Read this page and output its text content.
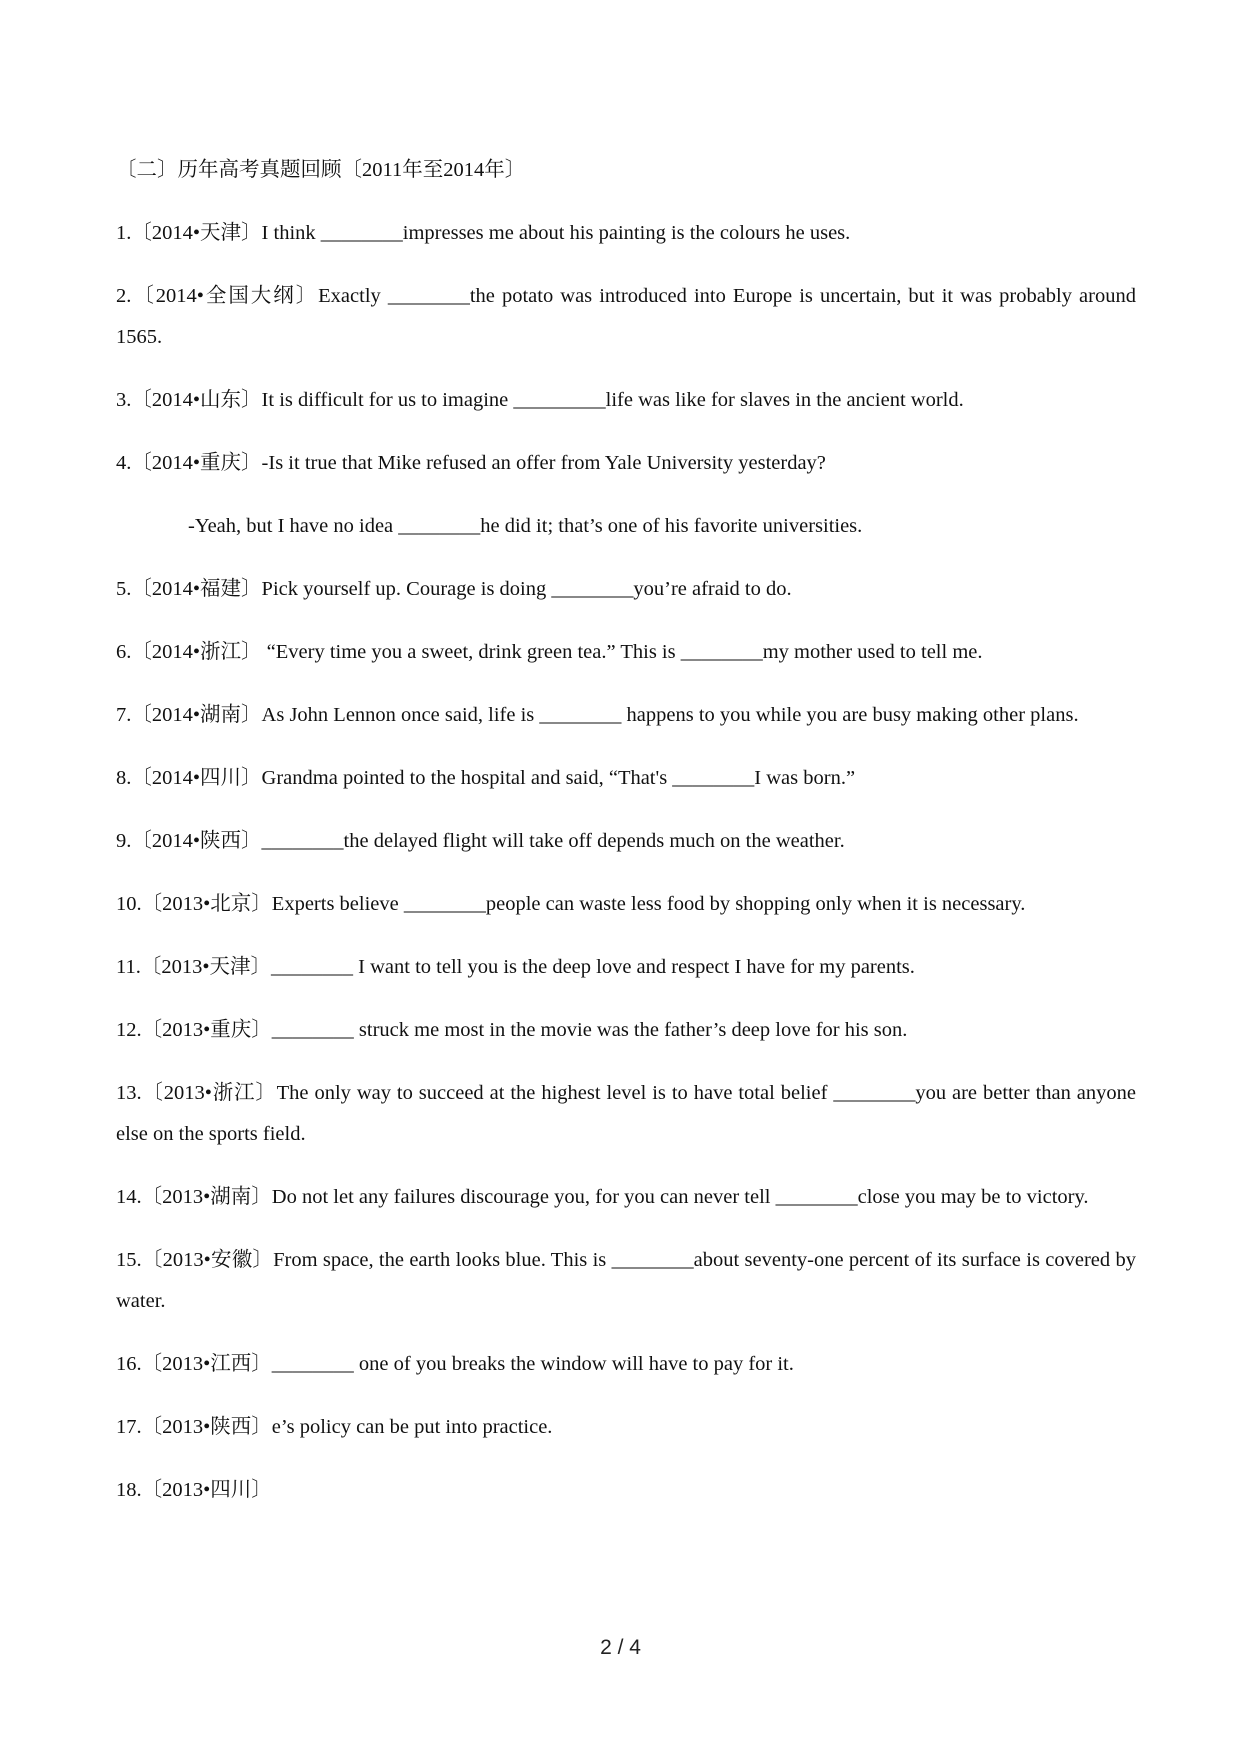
〔二〕历年高考真题回顾〔2011年至2014年〕
1.〔2014•天津〕I think ________impresses me about his painting is the colours he uses.
2.〔2014•全国大纲〕Exactly ________the potato was introduced into Europe is uncertain, but it was probably around 1565.
3.〔2014•山东〕It is difficult for us to imagine _________life was like for slaves in the ancient world.
4.〔2014•重庆〕-Is it true that Mike refused an offer from Yale University yesterday?
-Yeah, but I have no idea ________he did it; that’s one of his favorite universities.
5.〔2014•福建〕Pick yourself up. Courage is doing ________you’re afraid to do.
6.〔2014•浙江〕 “Every time you a sweet, drink green tea.” This is ________my mother used to tell me.
7.〔2014•湖南〕As John Lennon once said, life is ________ happens to you while you are busy making other plans.
8.〔2014•四川〕Grandma pointed to the hospital and said, “That's ________I was born.”
9.〔2014•陕西〕________the delayed flight will take off depends much on the weather.
10.〔2013•北京〕Experts believe ________people can waste less food by shopping only when it is necessary.
11.〔2013•天津〕________ I want to tell you is the deep love and respect I have for my parents.
12.〔2013•重庆〕________ struck me most in the movie was the father’s deep love for his son.
13.〔2013•浙江〕The only way to succeed at the highest level is to have total belief ________you are better than anyone else on the sports field.
14.〔2013•湖南〕Do not let any failures discourage you, for you can never tell ________close you may be to victory.
15.〔2013•安徽〕From space, the earth looks blue. This is ________about seventy-one percent of its surface is covered by water.
16.〔2013•江西〕________ one of you breaks the window will have to pay for it.
17.〔2013•陕西〕e’s policy can be put into practice.
18.〔2013•四川〕
2 / 4
